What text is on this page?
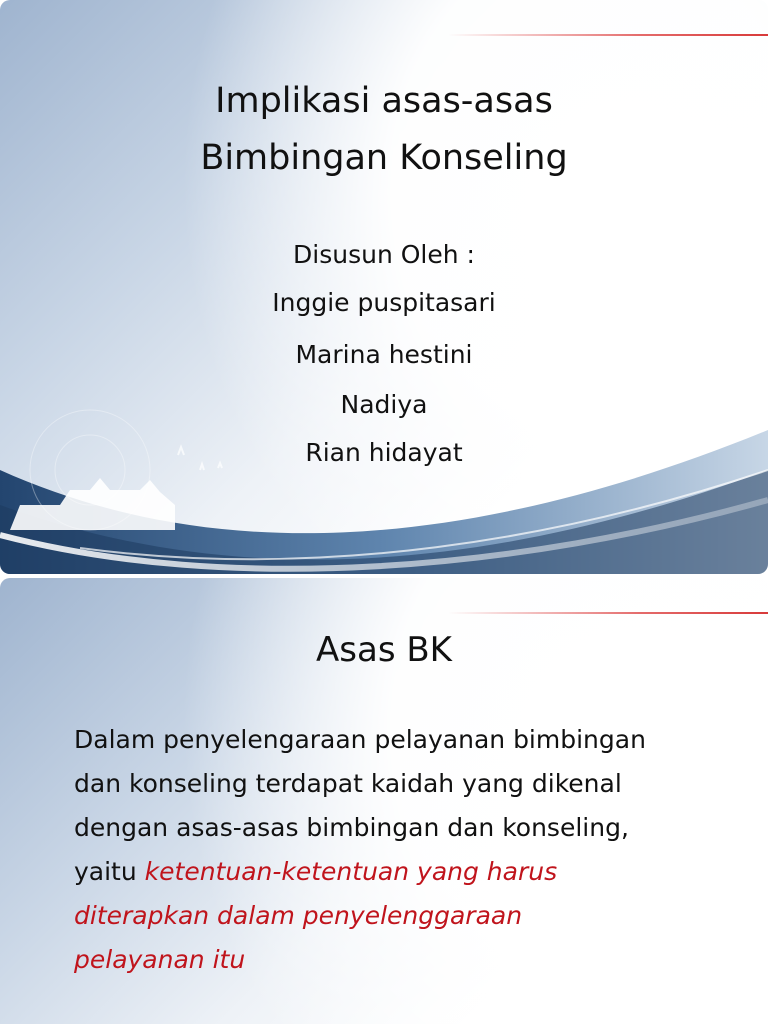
Implikasi asas-asas
Bimbingan Konseling
Disusun Oleh :
Inggie puspitasari
Marina hestini
Nadiya
Rian hidayat
Asas BK
Dalam penyelengaraan pelayanan bimbingan
dan konseling terdapat kaidah yang dikenal
dengan asas-asas bimbingan dan konseling,
yaitu ketentuan-ketentuan yang harus
diterapkan dalam penyelenggaraan
pelayanan itu
